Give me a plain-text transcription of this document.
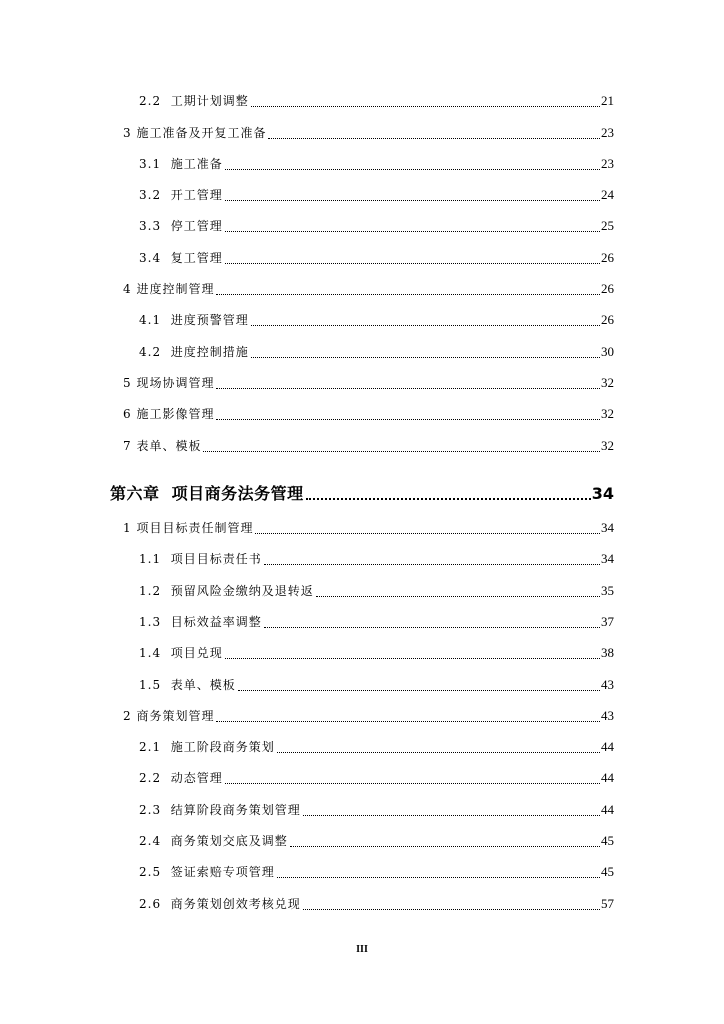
2.2 工期计划调整	21
3 施工准备及开复工准备	23
3.1 施工准备	23
3.2 开工管理	24
3.3 停工管理	25
3.4 复工管理	26
4 进度控制管理	26
4.1 进度预警管理	26
4.2 进度控制措施	30
5 现场协调管理	32
6 施工影像管理	32
7 表单、模板	32
第六章 项目商务法务管理	34
1 项目目标责任制管理	34
1.1 项目目标责任书	34
1.2 预留风险金缴纳及退转返	35
1.3 目标效益率调整	37
1.4 项目兑现	38
1.5 表单、模板	43
2 商务策划管理	43
2.1 施工阶段商务策划	44
2.2 动态管理	44
2.3 结算阶段商务策划管理	44
2.4 商务策划交底及调整	45
2.5 签证索赔专项管理	45
2.6 商务策划创效考核兑现	57
III
